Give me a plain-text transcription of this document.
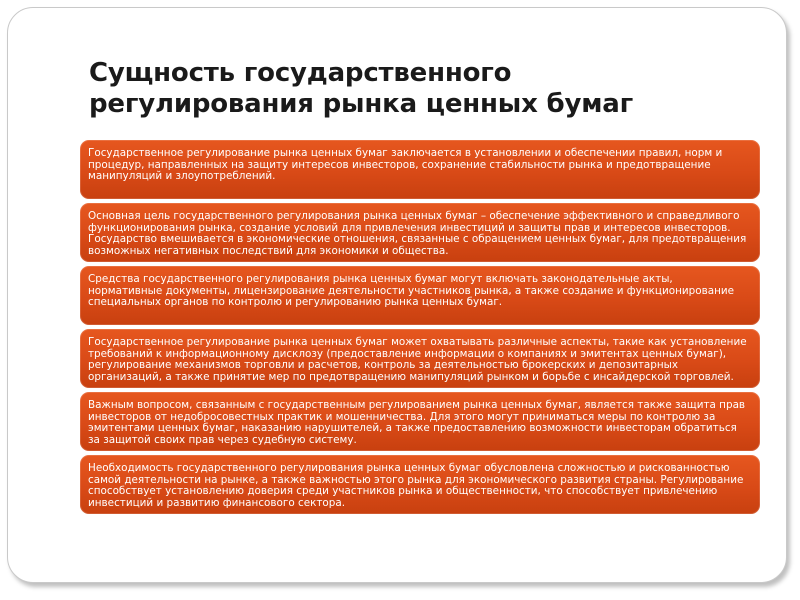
Сущность государственного регулирования рынка ценных бумаг

Государственное регулирование рынка ценных бумаг заключается в установлении и обеспечении правил, норм и процедур, направленных на защиту интересов инвесторов, сохранение стабильности рынка и предотвращение манипуляций и злоупотреблений.

Основная цель государственного регулирования рынка ценных бумаг – обеспечение эффективного и справедливого функционирования рынка, создание условий для привлечения инвестиций и защиты прав и интересов инвесторов. Государство вмешивается в экономические отношения, связанные с обращением ценных бумаг, для предотвращения возможных негативных последствий для экономики и общества.

Средства государственного регулирования рынка ценных бумаг могут включать законодательные акты, нормативные документы, лицензирование деятельности участников рынка, а также создание и функционирование специальных органов по контролю и регулированию рынка ценных бумаг.

Государственное регулирование рынка ценных бумаг может охватывать различные аспекты, такие как установление требований к информационному дисклозу (предоставление информации о компаниях и эмитентах ценных бумаг), регулирование механизмов торговли и расчетов, контроль за деятельностью брокерских и депозитарных организаций, а также принятие мер по предотвращению манипуляций рынком и борьбе с инсайдерской торговлей.

Важным вопросом, связанным с государственным регулированием рынка ценных бумаг, является также защита прав инвесторов от недобросовестных практик и мошенничества. Для этого могут приниматься меры по контролю за эмитентами ценных бумаг, наказанию нарушителей, а также предоставлению возможности инвесторам обратиться за защитой своих прав через судебную систему.

Необходимость государственного регулирования рынка ценных бумаг обусловлена сложностью и рискованностью самой деятельности на рынке, а также важностью этого рынка для экономического развития страны. Регулирование способствует установлению доверия среди участников рынка и общественности, что способствует привлечению инвестиций и развитию финансового сектора.
